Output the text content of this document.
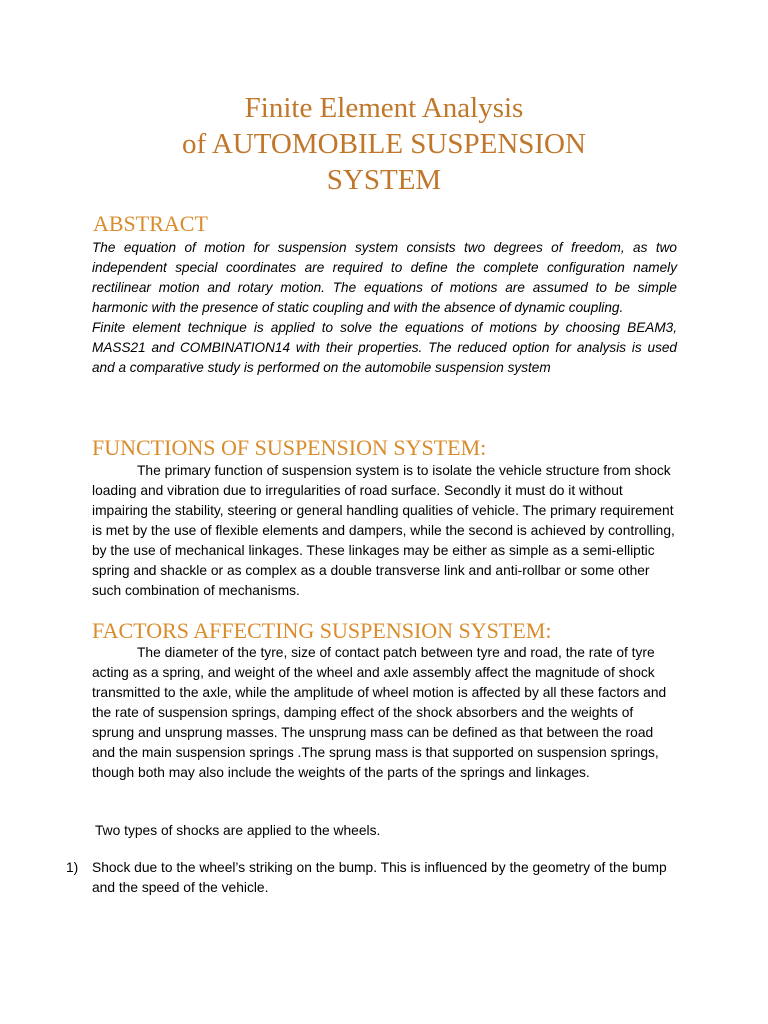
Finite Element Analysis
of AUTOMOBILE SUSPENSION
SYSTEM
ABSTRACT

The equation of motion for suspension system consists two degrees of freedom, as two independent special coordinates are required to define the complete configuration namely rectilinear motion and rotary motion. The equations of motions are assumed to be simple harmonic with the presence of static coupling and with the absence of dynamic coupling.

Finite element technique is applied to solve the equations of motions by choosing BEAM3, MASS21 and COMBINATION14 with their properties. The reduced option for analysis is used and a comparative study is performed on the automobile suspension system

FUNCTIONS OF SUSPENSION SYSTEM:

The primary function of suspension system is to isolate the vehicle structure from shock loading and vibration due to irregularities of road surface. Secondly it must do it without impairing the stability, steering or general handling qualities of vehicle. The primary requirement is met by the use of flexible elements and dampers, while the second is achieved by controlling, by the use of mechanical linkages. These linkages may be either as simple as a semi-elliptic spring and shackle or as complex as a double transverse link and anti-rollbar or some other such combination of mechanisms.

FACTORS AFFECTING SUSPENSION SYSTEM:

The diameter of the tyre, size of contact patch between tyre and road, the rate of tyre acting as a spring, and weight of the wheel and axle assembly affect the magnitude of shock transmitted to the axle, while the amplitude of wheel motion is affected by all these factors and the rate of suspension springs, damping effect of the shock absorbers and the weights of sprung and unsprung masses. The unsprung mass can be defined as that between the road and the main suspension springs .The sprung mass is that supported on suspension springs, though both may also include the weights of the parts of the springs and linkages.

Two types of shocks are applied to the wheels.
1) Shock due to the wheel’s striking on the bump. This is influenced by the geometry of the bump and the speed of the vehicle.
